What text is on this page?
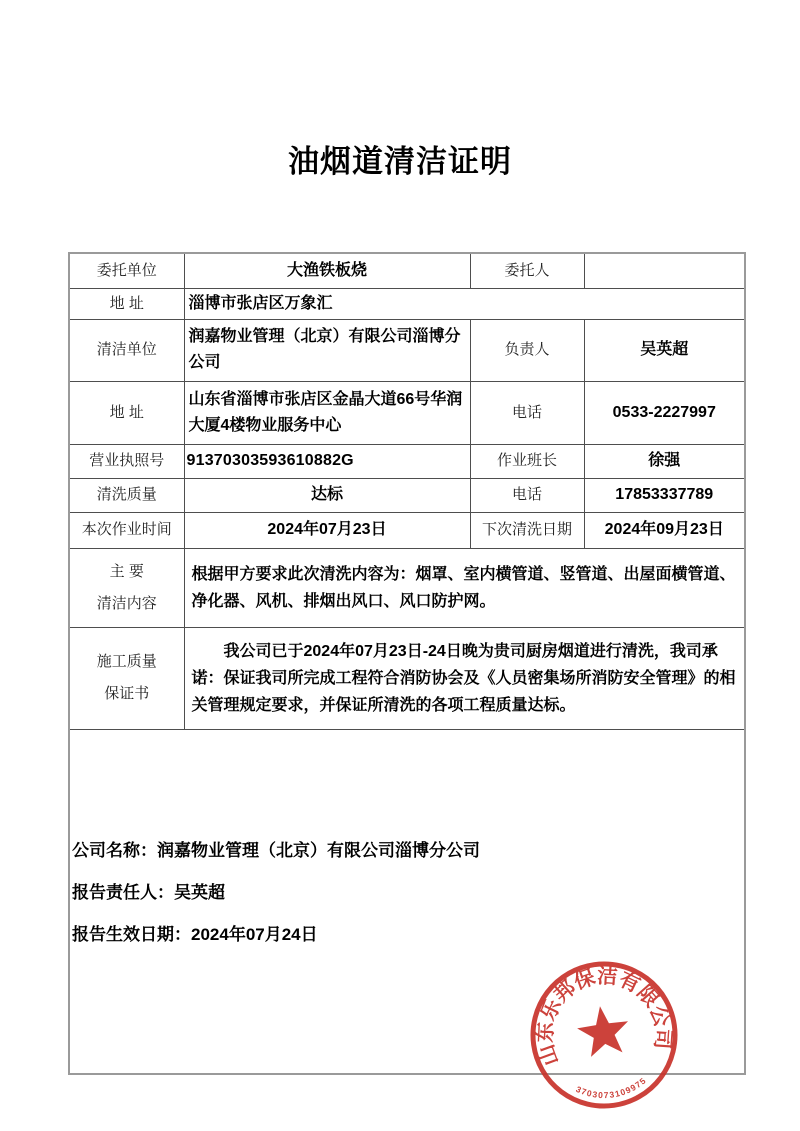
油烟道清洁证明
委托单位	大渔铁板烧	委托人	
地 址	淄博市张店区万象汇		
清洁单位	润嘉物业管理（北京）有限公司淄博分公司	负责人	吴英超
地 址	山东省淄博市张店区金晶大道66号华润大厦4楼物业服务中心	电话	0533-2227997
营业执照号	91370303593610882G	作业班长	徐强
清洗质量	达标	电话	17853337789
本次作业时间	2024年07月23日	下次清洗日期	2024年09月23日

主 要
清洁内容	根据甲方要求此次清洗内容为：烟罩、室内横管道、竖管道、出屋面横管道、净化器、风机、排烟出风口、风口防护网。		

施工质量
保证书	我公司已于2024年07月23日-24日晚为贵司厨房烟道进行清洗，我司承诺：保证我司所完成工程符合消防协会及《人员密集场所消防安全管理》的相关管理规定要求，并保证所清洗的各项工程质量达标。		

公司名称：润嘉物业管理（北京）有限公司淄博分公司
报告责任人：吴英超
报告生效日期：2024年07月24日			
山东乐邦保洁有限公司
3703073109975
